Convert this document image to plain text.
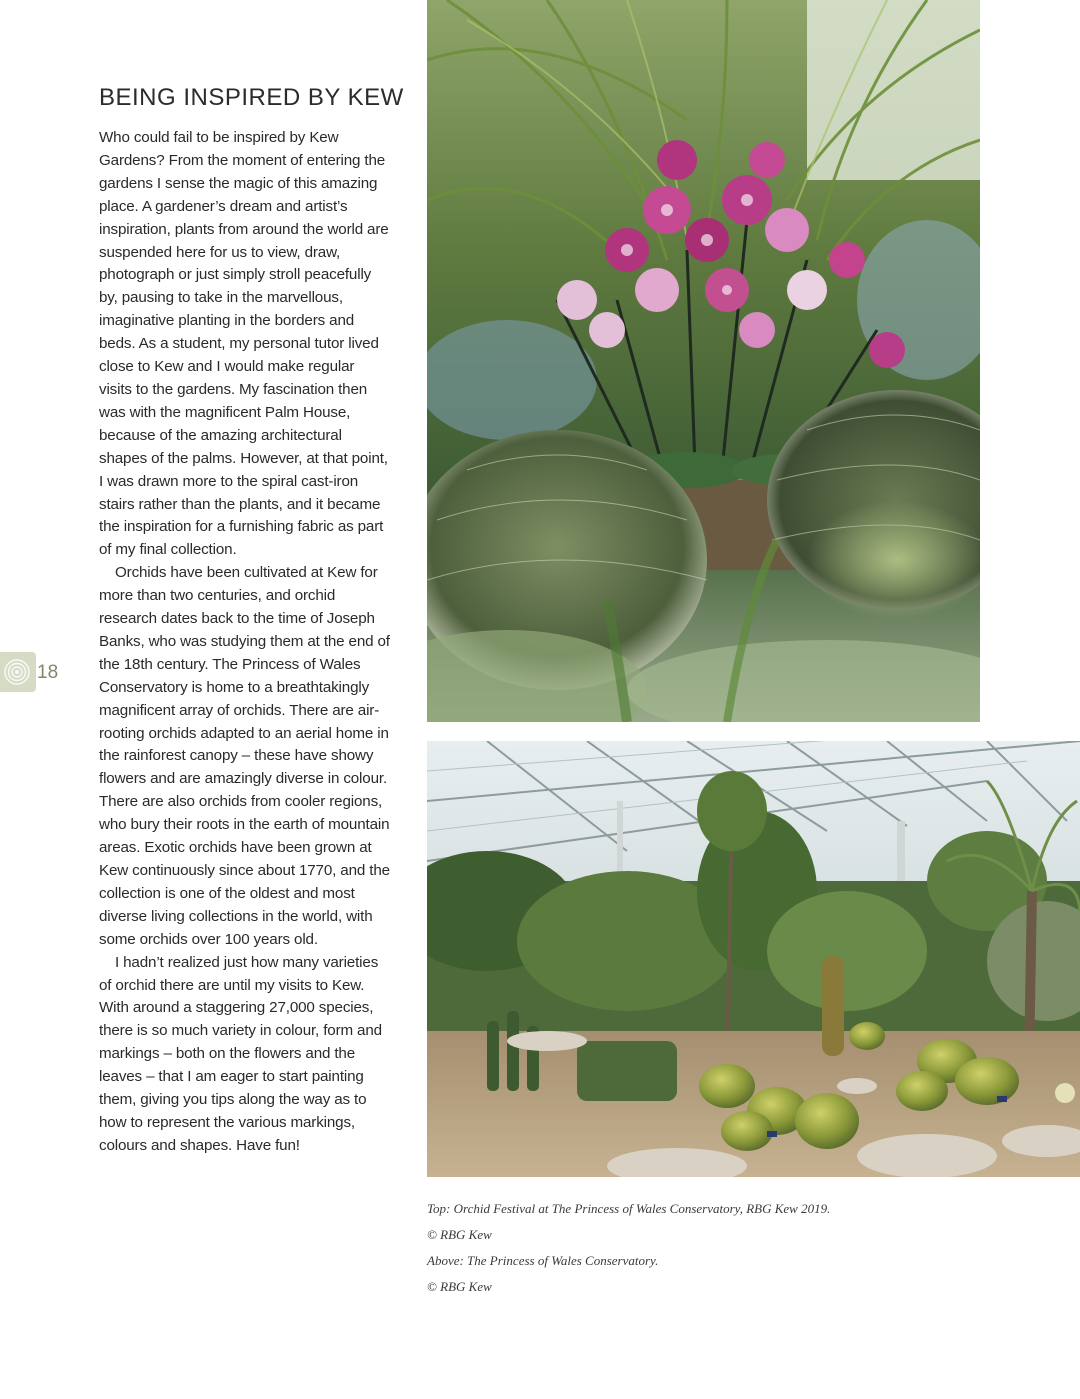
BEING INSPIRED BY KEW

Who could fail to be inspired by Kew Gardens? From the moment of entering the gardens I sense the magic of this amazing place. A gardener’s dream and artist’s inspiration, plants from around the world are suspended here for us to view, draw, photograph or just simply stroll peacefully by, pausing to take in the marvellous, imaginative planting in the borders and beds. As a student, my personal tutor lived close to Kew and I would make regular visits to the gardens. My fascination then was with the magnificent Palm House, because of the amazing architectural shapes of the palms. However, at that point, I was drawn more to the spiral cast-iron stairs rather than the plants, and it became the inspiration for a furnishing fabric as part of my final collection.

Orchids have been cultivated at Kew for more than two centuries, and orchid research dates back to the time of Joseph Banks, who was studying them at the end of the 18th century. The Princess of Wales Conservatory is home to a breathtakingly magnificent array of orchids. There are air-rooting orchids adapted to an aerial home in the rainforest canopy – these have showy flowers and are amazingly diverse in colour. There are also orchids from cooler regions, who bury their roots in the earth of mountain areas. Exotic orchids have been grown at Kew continuously since about 1770, and the collection is one of the oldest and most diverse living collections in the world, with some orchids over 100 years old.

I hadn’t realized just how many varieties of orchid there are until my visits to Kew. With around a staggering 27,000 species, there is so much variety in colour, form and markings – both on the flowers and the leaves – that I am eager to start painting them, giving you tips along the way as to how to represent the various markings, colours and shapes. Have fun!

18
Top: Orchid Festival at The Princess of Wales Conservatory, RBG Kew 2019.
© RBG Kew
Above: The Princess of Wales Conservatory.
© RBG Kew
